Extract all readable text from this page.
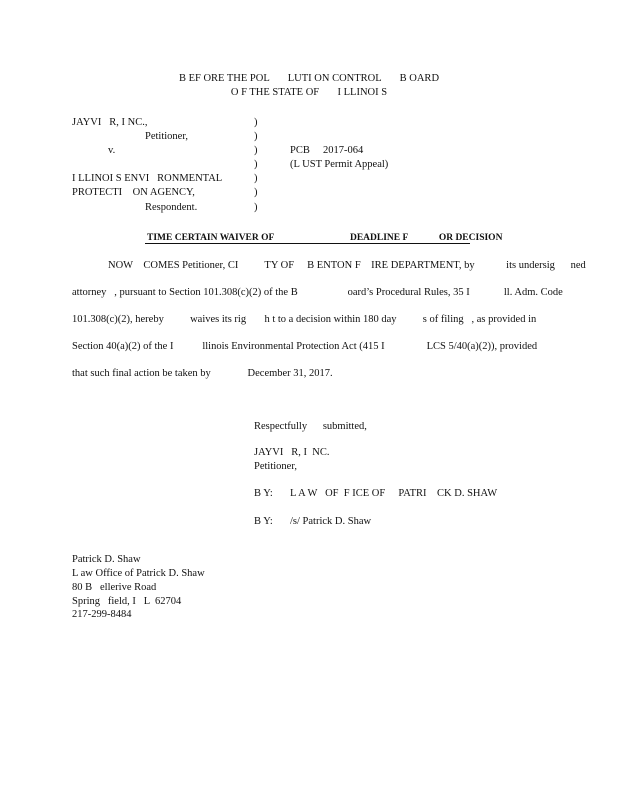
B EF ORE THE POL       LUTI ON CONTROL       B OARD
O F THE STATE OF       I LLINOI S
JAYVI   R, I NC.,
Petitioner,
v.
I LLINOI S ENVI   RONMENTAL
PROTECTI    ON AGENCY,
Respondent.
)
)
)
)
)
)
)
PCB     2017-064
(L UST Permit Appeal)
TIME CERTAIN WAIVER OF                                DEADLINE F             OR DECISION
NOW    COMES Petitioner, CI          TY OF     B ENTON F    IRE DEPARTMENT, by            its undersig      ned
attorney   , pursuant to Section 101.308(c)(2) of the B                   oard’s Procedural Rules, 35 I             ll. Adm. Code
101.308(c)(2), hereby          waives its rig       h t to a decision within 180 day          s of filing   , as provided in
Section 40(a)(2) of the I           llinois Environmental Protection Act (415 I                LCS 5/40(a)(2)), provided
that such final action be taken by              December 31, 2017.
Respectfully      submitted,
JAYVI   R, I  NC.
Petitioner,
B Y: L A W   OF  F ICE OF     PATRI    CK D. SHAW
B Y: /s/ Patrick D. Shaw
Patrick D. Shaw
L aw Office of Patrick D. Shaw
80 B   ellerive Road
Spring   field, I   L  62704
217-299-8484
